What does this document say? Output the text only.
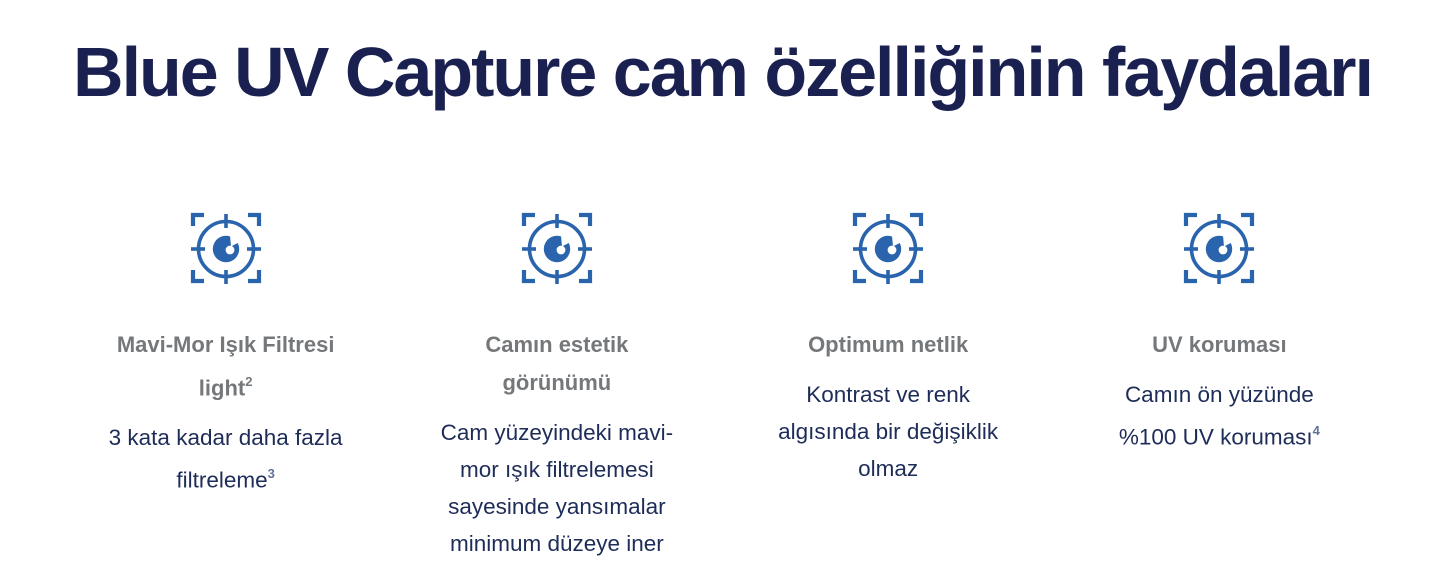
Blue UV Capture cam özelliğinin faydaları
Mavi-Mor Işık Filtresi light$^2$

3 kata kadar daha fazla filtreleme$^3$

Camın estetik görünümü

Cam yüzeyindeki mavi-mor ışık filtrelemesi sayesinde yansımalar minimum düzeye iner

Optimum netlik

Kontrast ve renk algısında bir değişiklik olmaz

UV koruması

Camın ön yüzünde %100 UV koruması$^4$
